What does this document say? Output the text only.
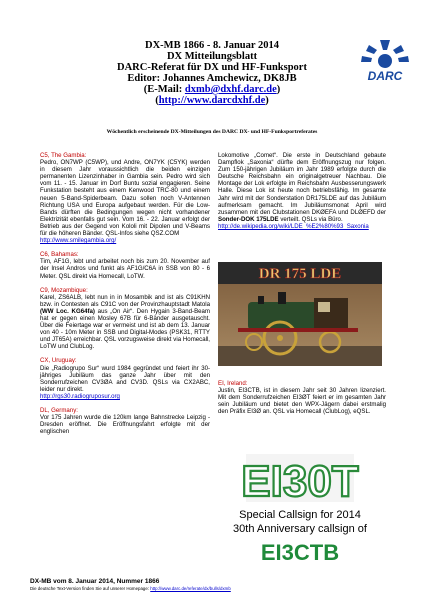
DX-MB 1866 - 8. Januar 2014
DX Mitteilungsblatt
DARC-Referat für DX und HF-Funksport
Editor: Johannes Amchewicz, DK8JB
(E-Mail: dxmb@dxhf.darc.de)
(http://www.darcdxhf.de)
DARC
Wöchentlich erscheinende DX-Mitteilungen des DARC DX- und HF-Funksportreferates
C5, The Gambia:
Pedro, ON7WP (C5WP), und Andre, ON7YK (C5YK) werden in diesem Jahr voraussichtlich die beiden einzigen permanenten Lizenzinhaber in Gambia sein. Pedro wird sich vom 11. - 15. Januar im Dorf Buntu sozial engagieren. Seine Funkstation besteht aus einem Kenwood TRC-80 und einem neuen 5-Band-Spiderbeam. Dazu sollen noch V-Antennen Richtung USA und Europa aufgebaut werden. Für die Low-Bands dürften die Bedingungen wegen nicht vorhandener Elektrizität ebenfalls gut sein. Vom 16. - 22. Januar erfolgt der Betrieb aus der Gegend von Kololi mit Dipolen und V-Beams für die höheren Bänder. QSL-Infos siehe QSZ.COM
http://www.smilegambia.org/
C6, Bahamas:
Tim, AF1G, lebt und arbeitet noch bis zum 20. November auf der Insel Andros und funkt als AF1G/C6A in SSB von 80 - 6 Meter. QSL direkt via Homecall, LoTW.
C9, Mozambique:
Karel, ZS6ALB, lebt nun in in Mosambik and ist als C91KHN bzw. in Contesten als C91C von der Provinzhauptstadt Matola (WW Loc. KG64fa) aus „On Air“. Den Hygain 3-Band-Beam hat er gegen einen Mosley 67B für 6-Bänder ausgetauscht. Über die Feiertage war er vermeist und ist ab dem 13. Januar von 40 - 10m Meter in SSB und Digital-Modes (PSK31, RTTY und JT65A) erreichbar. QSL vorzugsweise direkt via Homecall, LoTW und ClubLog.
CX, Uruguay:
Die „Radiogrupo Sur“ wurd 1984 gegründet und feiert ihr 30-jähriges Jubiläum das ganze Jahr über mit den Sonderrufzeichen CV3ØA and CV3D. QSLs via CX2ABC, leider nur direkt.
http://rgs30.radiogruposur.org
DL, Germany:
Vor 175 Jahren wurde die 120km lange Bahnstrecke Leipzig - Dresden eröffnet. Die Eröffnungsfahrt erfolgte mit der englischen
Lokomotive „Comet“. Die erste in Deutschland gebaute Dampflok „Saxonia“ dürfte dem Eröffnungszug nur folgen. Zum 150-jährigen Jubiläum im Jahr 1989 erfolgte durch die Deutsche Reichsbahn ein originalgetreuer Nachbau. Die Montage der Lok erfolgte im Reichsbahn Ausbesserungswerk Halle. Diese Lok ist heute noch betriebsfähig. Im gesamte Jahr wird mit der Sonderstation DR175LDE auf das Jubiläum aufmerksam gemacht. Im Jubiläumsmonat April wird zusammen mit den Clubstationen DKØEFA und DLØEFD der Sonder-DOK 175LDE verteilt. QSLs via Büro.
http://de.wikipedia.org/wiki/LDE_%E2%80%93_Saxonia
DR 175 LDE
EI, Ireland:
Justin, EI3CTB, ist in diesem Jahr seit 30 Jahren lizenziert. Mit dem Sonderrufzeichen EI3ØT feiert er im gesamten Jahr sein Jubiläum und bietet den WPX-Jägern dabei erstmalig den Präfix EI3Ø an. QSL via Homecall (ClubLog), eQSL.
EI30T
Special Callsign for 2014
30th Anniversary callsign of
EI3CTB
DX-MB vom 8. Januar 2014, Nummer 1866
Die deutsche Text-Version finden Sie auf unserer Homepage: http://www.darc.de/referate/dx/bulls/dxmb
